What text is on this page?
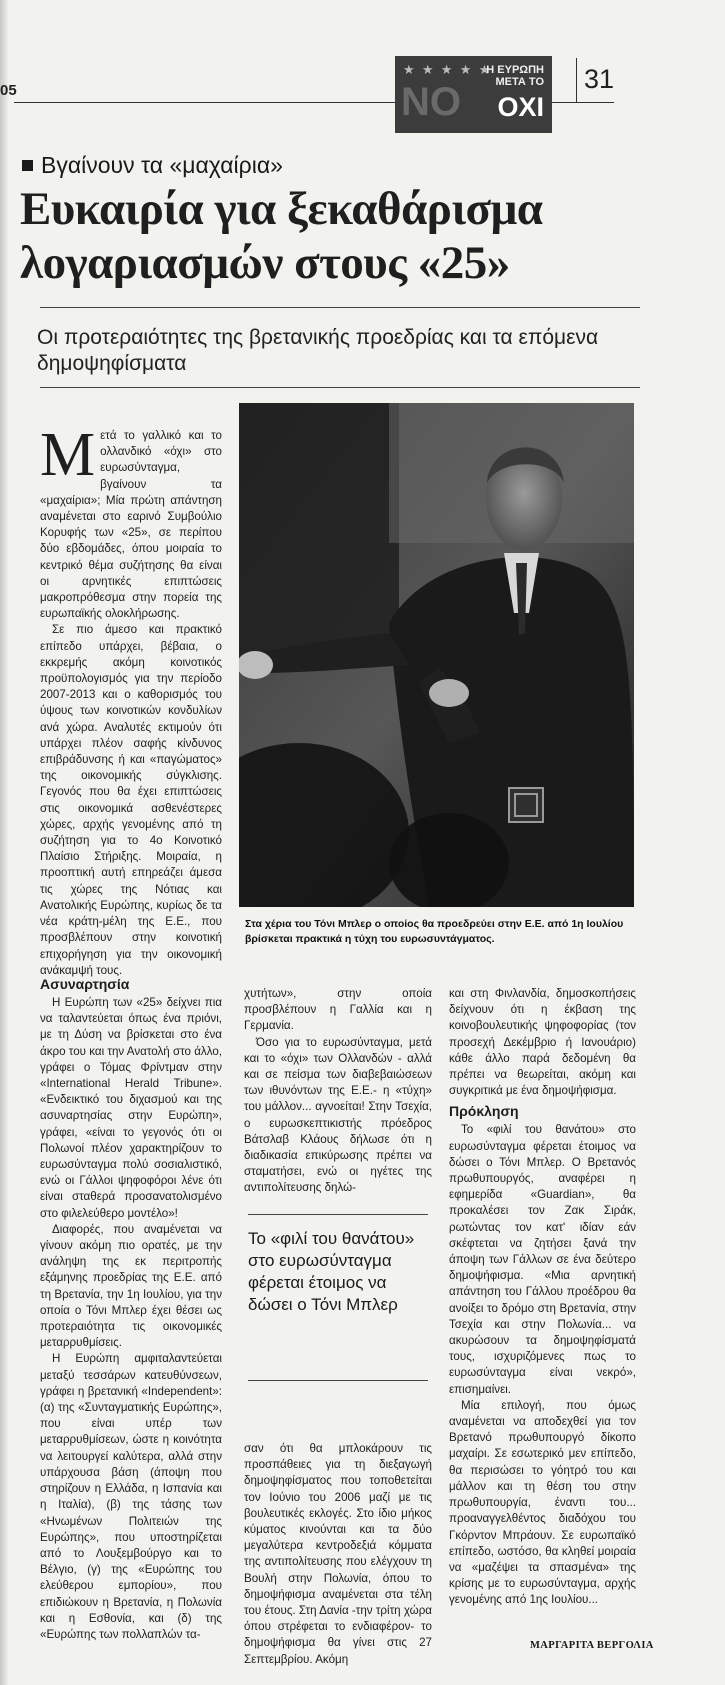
05
★ ★ ★ ★ ★
NO
Η ΕΥΡΩΠΗ
ΜΕΤΑ ΤΟ
ΟΧΙ
31
Βγαίνουν τα «μαχαίρια»
Ευκαιρία για ξεκαθάρισμα λογαριασμών στους «25»
Οι προτεραιότητες της βρετανικής προεδρίας και τα επόμενα δημοψηφίσματα

Μετά το γαλλικό και το ολλανδικό «όχι» στο ευρωσύνταγμα, βγαίνουν τα «μαχαίρια»; Μία πρώτη απάντηση αναμένεται στο εαρινό Συμβούλιο Κορυφής των «25», σε περίπου δύο εβδομάδες, όπου μοιραία το κεντρικό θέμα συζήτησης θα είναι οι αρνητικές επιπτώσεις μακροπρόθεσμα στην πορεία της ευρωπαϊκής ολοκλήρωσης.

Σε πιο άμεσο και πρακτικό επίπεδο υπάρχει, βέβαια, ο εκκρεμής ακόμη κοινοτικός προϋπολογισμός για την περίοδο 2007-2013 και ο καθορισμός του ύψους των κοινοτικών κονδυλίων ανά χώρα. Αναλυτές εκτιμούν ότι υπάρχει πλέον σαφής κίνδυνος επιβράδυνσης ή και «παγώματος» της οικονομικής σύγκλισης. Γεγονός που θα έχει επιπτώσεις στις οικονομικά ασθενέστερες χώρες, αρχής γενομένης από τη συζήτηση για το 4ο Κοινοτικό Πλαίσιο Στήριξης. Μοιραία, η προοπτική αυτή επηρεάζει άμεσα τις χώρες της Νότιας και Ανατολικής Ευρώπης, κυρίως δε τα νέα κράτη-μέλη της Ε.Ε., που προσβλέπουν στην κοινοτική επιχορήγηση για την οικονομική ανάκαμψή τους.

Στα χέρια του Τόνι Μπλερ ο οποίος θα προεδρεύει στην Ε.Ε. από 1η Ιουλίου βρίσκεται πρακτικά η τύχη του ευρωσυντάγματος.
Ασυναρτησία

Η Ευρώπη των «25» δείχνει πια να ταλαντεύεται όπως ένα πριόνι, με τη Δύση να βρίσκεται στο ένα άκρο του και την Ανατολή στο άλλο, γράφει ο Τόμας Φρίντμαν στην «International Herald Tribune». «Ενδεικτικό του διχασμού και της ασυναρτησίας στην Ευρώπη», γράφει, «είναι το γεγονός ότι οι Πολωνοί πλέον χαρακτηρίζουν το ευρωσύνταγμα πολύ σοσιαλιστικό, ενώ οι Γάλλοι ψηφοφόροι λένε ότι είναι σταθερά προσανατολισμένο στο φιλελεύθερο μοντέλο»!

Διαφορές, που αναμένεται να γίνουν ακόμη πιο ορατές, με την ανάληψη της εκ περιτροπής εξάμηνης προεδρίας της Ε.Ε. από τη Βρετανία, την 1η Ιουλίου, για την οποία ο Τόνι Μπλερ έχει θέσει ως προτεραιότητα τις οικονομικές μεταρρυθμίσεις.

Η Ευρώπη αμφιταλαντεύεται μεταξύ τεσσάρων κατευθύνσεων, γράφει η βρετανική «Independent»: (α) της «Συνταγματικής Ευρώπης», που είναι υπέρ των μεταρρυθμίσεων, ώστε η κοινότητα να λειτουργεί καλύτερα, αλλά στην υπάρχουσα βάση (άποψη που στηρίζουν η Ελλάδα, η Ισπανία και η Ιταλία), (β) της τάσης των «Ηνωμένων Πολιτειών της Ευρώπης», που υποστηρίζεται από το Λουξεμβούργο και το Βέλγιο, (γ) της «Ευρώπης του ελεύθερου εμπορίου», που επιδιώκουν η Βρετανία, η Πολωνία και η Εσθονία, και (δ) της «Ευρώπης των πολλαπλών τα-

χυτήτων», στην οποία προσβλέπουν η Γαλλία και η Γερμανία.

Όσο για το ευρωσύνταγμα, μετά και το «όχι» των Ολλανδών - αλλά και σε πείσμα των διαβεβαιώσεων των ιθυνόντων της Ε.Ε.- η «τύχη» του μάλλον... αγνοείται! Στην Τσεχία, ο ευρωσκεπτικιστής πρόεδρος Βάτσλαβ Κλάους δήλωσε ότι η διαδικασία επικύρωσης πρέπει να σταματήσει, ενώ οι ηγέτες της αντιπολίτευσης δηλώ-

Το «φιλί του θανάτου» στο ευρωσύνταγμα φέρεται έτοιμος να δώσει ο Τόνι Μπλερ

σαν ότι θα μπλοκάρουν τις προσπάθειες για τη διεξαγωγή δημοψηφίσματος που τοποθετείται τον Ιούνιο του 2006 μαζί με τις βουλευτικές εκλογές. Στο ίδιο μήκος κύματος κινούνται και τα δύο μεγαλύτερα κεντροδεξιά κόμματα της αντιπολίτευσης που ελέγχουν τη Βουλή στην Πολωνία, όπου το δημοψήφισμα αναμένεται στα τέλη του έτους. Στη Δανία -την τρίτη χώρα όπου στρέφεται το ενδιαφέρον- το δημοψήφισμα θα γίνει στις 27 Σεπτεμβρίου. Ακόμη

και στη Φινλανδία, δημοσκοπήσεις δείχνουν ότι η έκβαση της κοινοβουλευτικής ψηφοφορίας (τον προσεχή Δεκέμβριο ή Ιανουάριο) κάθε άλλο παρά δεδομένη θα πρέπει να θεωρείται, ακόμη και συγκριτικά με ένα δημοψήφισμα.

Πρόκληση

Το «φιλί του θανάτου» στο ευρωσύνταγμα φέρεται έτοιμος να δώσει ο Τόνι Μπλερ. Ο Βρετανός πρωθυπουργός, αναφέρει η εφημερίδα «Guardian», θα προκαλέσει τον Ζακ Σιράκ, ρωτώντας τον κατ' ιδίαν εάν σκέφτεται να ζητήσει ξανά την άποψη των Γάλλων σε ένα δεύτερο δημοψήφισμα. «Μια αρνητική απάντηση του Γάλλου προέδρου θα ανοίξει το δρόμο στη Βρετανία, στην Τσεχία και στην Πολωνία... να ακυρώσουν τα δημοψηφίσματά τους, ισχυριζόμενες πως το ευρωσύνταγμα είναι νεκρό», επισημαίνει.

Μία επιλογή, που όμως αναμένεται να αποδεχθεί για τον Βρετανό πρωθυπουργό δίκοπο μαχαίρι. Σε εσωτερικό μεν επίπεδο, θα περισώσει το γόητρό του και μάλλον και τη θέση του στην πρωθυπουργία, έναντι του... προαναγγελθέντος διαδόχου του Γκόρντον Μπράουν. Σε ευρωπαϊκό επίπεδο, ωστόσο, θα κληθεί μοιραία να «μαζέψει τα σπασμένα» της κρίσης με το ευρωσύνταγμα, αρχής γενομένης από 1ης Ιουλίου...

ΜΑΡΓΑΡΙΤΑ ΒΕΡΓΟΛΙΑ
